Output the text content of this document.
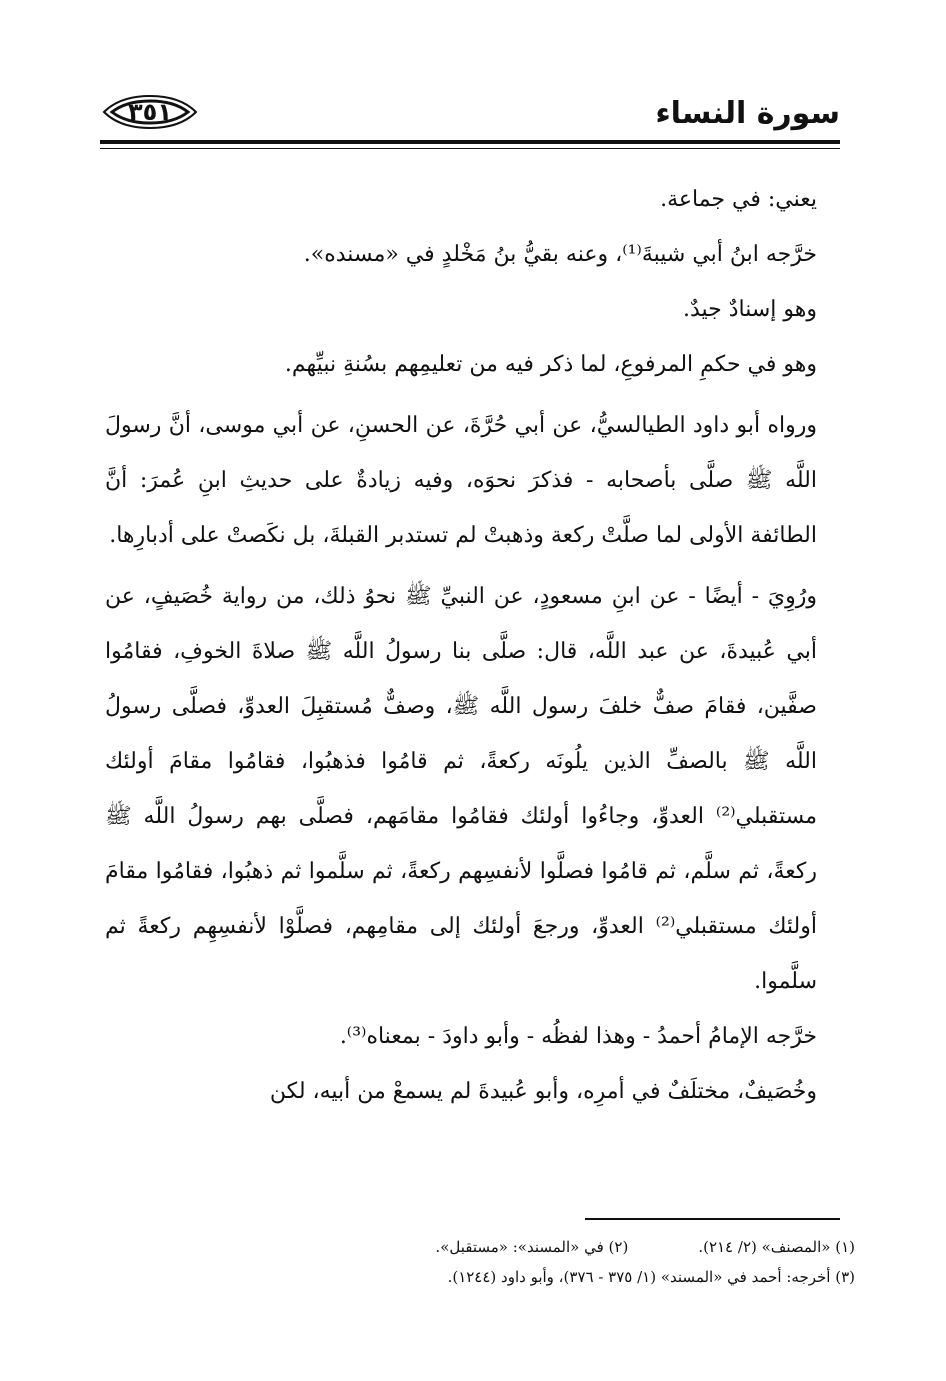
سورة النساء
٣٥١

يعني: في جماعة.

خرَّجه ابنُ أبي شيبةَ⁽¹⁾، وعنه بقيُّ بنُ مَخْلدٍ في «مسنده».

وهو إسنادٌ جيدٌ.

وهو في حكمِ المرفوعِ، لما ذكر فيه من تعليمِهم بسُنةِ نبيِّهم.

ورواه أبو داود الطيالسيُّ، عن أبي حُرَّةَ، عن الحسنِ، عن أبي موسى، أنَّ رسولَ اللَّه ﷺ صلَّى بأصحابه - فذكرَ نحوَه، وفيه زيادةٌ على حديثِ ابنِ عُمرَ: أنَّ الطائفة الأولى لما صلَّتْ ركعة وذهبتْ لم تستدبر القبلةَ، بل نكَصتْ على أدبارِها.

ورُوِيَ - أيضًا - عن ابنِ مسعودٍ، عن النبيِّ ﷺ نحوُ ذلك، من رواية خُصَيفٍ، عن أبي عُبيدةَ، عن عبد اللَّه، قال: صلَّى بنا رسولُ اللَّه ﷺ صلاةَ الخوفِ، فقامُوا صفَّين، فقامَ صفٌّ خلفَ رسول اللَّه ﷺ، وصفٌّ مُستقبِلَ العدوِّ، فصلَّى رسولُ اللَّه ﷺ بالصفِّ الذين يلُونَه ركعةً، ثم قامُوا فذهبُوا، فقامُوا مقامَ أولئك مستقبلي⁽²⁾ العدوِّ، وجاءُوا أولئك فقامُوا مقامَهم، فصلَّى بهم رسولُ اللَّه ﷺ ركعةً، ثم سلَّم، ثم قامُوا فصلَّوا لأنفسِهم ركعةً، ثم سلَّموا ثم ذهبُوا، فقامُوا مقامَ أولئك مستقبلي⁽²⁾ العدوِّ، ورجعَ أولئك إلى مقامِهم، فصلَّوْا لأنفسِهِم ركعةً ثم سلَّموا.

خرَّجه الإمامُ أحمدُ - وهذا لفظُه - وأبو داودَ - بمعناه⁽³⁾.

وخُصَيفٌ، مختلَفٌ في أمرِه، وأبو عُبيدةَ لم يسمعْ من أبيه، لكن

(١) «المصنف» (٢/ ٢١٤).
(٢) في «المسند»: «مستقبل».
(٣) أخرجه: أحمد في «المسند» (١/ ٣٧٥ - ٣٧٦)، وأبو داود (١٢٤٤).
